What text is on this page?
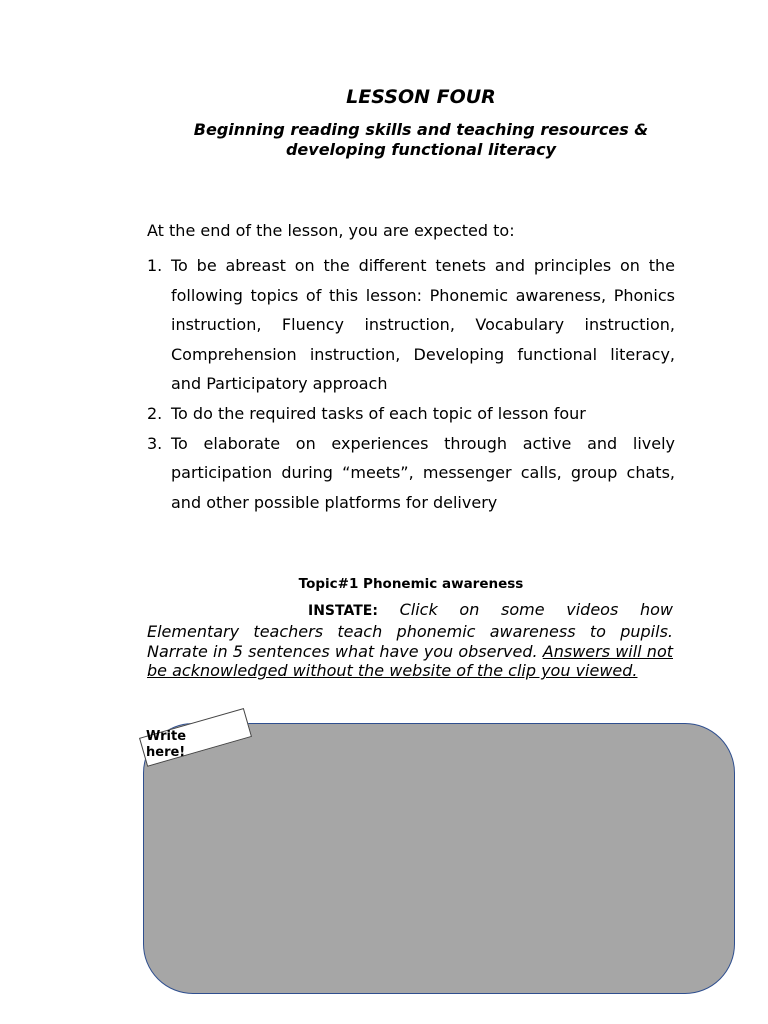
LESSON FOUR
Beginning reading skills and teaching resources &
developing functional literacy
At the end of the lesson, you are expected to:
1. To be abreast on the different tenets and principles on the following topics of this lesson: Phonemic awareness, Phonics instruction, Fluency instruction, Vocabulary instruction, Comprehension instruction, Developing functional literacy, and Participatory approach
2. To do the required tasks of each topic of lesson four
3. To elaborate on experiences through active and lively participation during “meets”, messenger calls, group chats, and other possible platforms for delivery
Topic#1 Phonemic awareness
INSTATE: Click on some videos how Elementary teachers teach phonemic awareness to pupils. Narrate in 5 sentences what have you observed. Answers will not be acknowledged without the website of the clip you viewed.
Write here!
